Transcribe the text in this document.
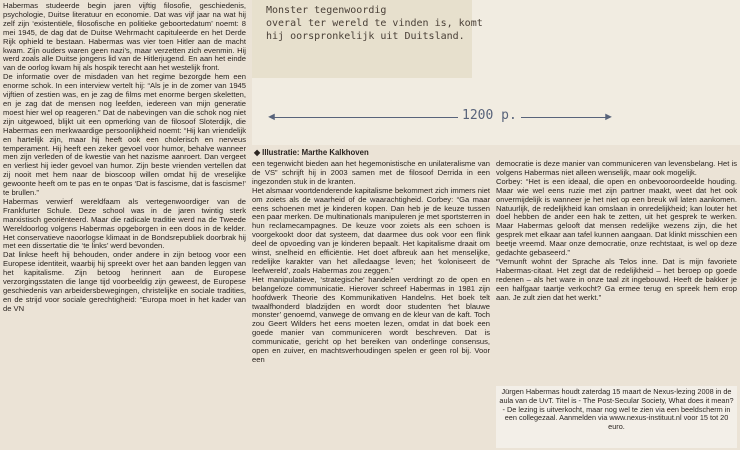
Monster tegenwoordig
overal ter wereld te vinden is, komt
hij oorspronkelijk uit Duitsland.
◄	►
1200 p.
◆ Illustratie: Marthe Kalkhoven

Habermas studeerde begin jaren vijftig filosofie, geschiedenis, psychologie, Duitse literatuur en economie. Dat was vijf jaar na wat hij zelf zijn ‘existentiële, filosofische en politieke geboortedatum’ noemt: 8 mei 1945, de dag dat de Duitse Wehrmacht capituleerde en het Derde Rijk ophield te bestaan. Habermas was vier toen Hitler aan de macht kwam. Zijn ouders waren geen nazi’s, maar verzetten zich evenmin. Hij werd zoals alle Duitse jongens lid van de Hitlerjugend. En aan het einde van de oorlog kwam hij als hospik terecht aan het westelijk front.

De informatie over de misdaden van het regime bezorgde hem een enorme schok. In een interview vertelt hij: “Als je in de zomer van 1945 vijftien of zestien was, en je zag de films met enorme bergen skeletten, en je zag dat de mensen nog leefden, iedereen van mijn generatie moest hier wel op reageren.” Dat de nabevingen van die schok nog niet zijn uitgewoed, blijkt uit een opmerking van de filosoof Sloterdijk, die Habermas een merkwaardige persoonlijkheid noemt: “Hij kan vriendelijk en hartelijk zijn, maar hij heeft ook een cholerisch en nerveus temperament. Hij heeft een zeker gevoel voor humor, behalve wanneer men zijn verleden of de kwestie van het nazisme aanroert. Dan vergeet en verliest hij ieder gevoel van humor. Zijn beste vrienden vertellen dat zij nooit met hem naar de bioscoop willen omdat hij de vreselijke gewoonte heeft om te pas en te onpas ‘Dat is fascisme, dat is fascisme!’ te brullen.”

Habermas verwierf wereldfaam als vertegenwoordiger van de Frankfurter Schule. Deze school was in de jaren twintig sterk marxistisch georiënteerd. Maar die radicale traditie werd na de Tweede Wereldoorlog volgens Habermas opgeborgen in een doos in de kelder. Het conservatieve naoorlogse klimaat in de Bondsrepubliek doorbrak hij met een dissertatie die ‘te links’ werd bevonden.

Dat linkse heeft hij behouden, onder andere in zijn betoog voor een Europese identiteit, waarbij hij spreekt over het aan banden leggen van het kapitalisme. Zijn betoog herinnert aan de Europese verzorgingsstaten die lange tijd voorbeeldig zijn geweest, de Europese geschiedenis van arbeidersbewegingen, christelijke en sociale tradities, en de strijd voor sociale gerechtigheid: “Europa moet in het kader van de VN

een tegenwicht bieden aan het hegemonistische en unilateralisme van de VS” schrijft hij in 2003 samen met de filosoof Derrida in een ingezonden stuk in de kranten.

Het alsmaar voortdenderende kapitalisme bekommert zich immers niet om zoiets als de waarheid of de waarachtigheid. Corbey: “Ga maar eens schoenen met je kinderen kopen. Dan heb je de keuze tussen een paar merken. De multinationals manipuleren je met sportsterren in hun reclamecampagnes. De keuze voor zoiets als een schoen is voorgekookt door dat systeem, dat daarmee dus ook voor een flink deel de opvoeding van je kinderen bepaalt. Het kapitalisme draait om winst, snelheid en efficiëntie. Het doet afbreuk aan het menselijke, redelijke karakter van het alledaagse leven; het ‘koloniseert de leefwereld’, zoals Habermas zou zeggen.”

Het manipulatieve, ‘strategische’ handelen verdringt zo de open en belangeloze communicatie. Hierover schreef Habermas in 1981 zijn hoofdwerk Theorie des Kommunikativen Handelns. Het boek telt twaalfhonderd bladzijden en wordt door studenten ‘het blauwe monster’ genoemd, vanwege de omvang en de kleur van de kaft. Toch zou Geert Wilders het eens moeten lezen, omdat in dat boek een goede manier van communiceren wordt beschreven. Dat is communicatie, gericht op het bereiken van onderlinge consensus, open en zuiver, en machtsverhoudingen spelen er geen rol bij. Voor een

democratie is deze manier van communiceren van levensbelang. Het is volgens Habermas niet alleen wenselijk, maar ook mogelijk.

Corbey: “Het is een ideaal, die open en onbevooroordeelde houding. Maar wie wel eens ruzie met zijn partner maakt, weet dat het ook onvermijdelijk is wanneer je het niet op een breuk wil laten aankomen. Natuurlijk, de redelijkheid kan omslaan in onredelijkheid; kan louter het doel hebben de ander een hak te zetten, uit het gesprek te werken. Maar Habermas gelooft dat mensen redelijke wezens zijn, die het gesprek met elkaar aan tafel kunnen aangaan. Dat klinkt misschien een beetje vreemd. Maar onze democratie, onze rechtstaat, is wel op deze gedachte gebaseerd.”

“Vernunft wohnt der Sprache als Telos inne. Dat is mijn favoriete Habermas-citaat. Het zegt dat de redelijkheid – het beroep op goede redenen – als het ware in onze taal zit ingebouwd. Heeft de bakker je een halfgaar taartje verkocht? Ga ermee terug en spreek hem erop aan. Je zult zien dat het werkt.”

Jürgen Habermas houdt zaterdag 15 maart de Nexus-lezing 2008 in de aula van de UvT. Titel is - The Post-Secular Society, What does it mean? - De lezing is uitverkocht, maar nog wel te zien via een beeldscherm in een collegezaal. Aanmelden via www.nexus-instituut.nl voor 15 tot 20 euro.
